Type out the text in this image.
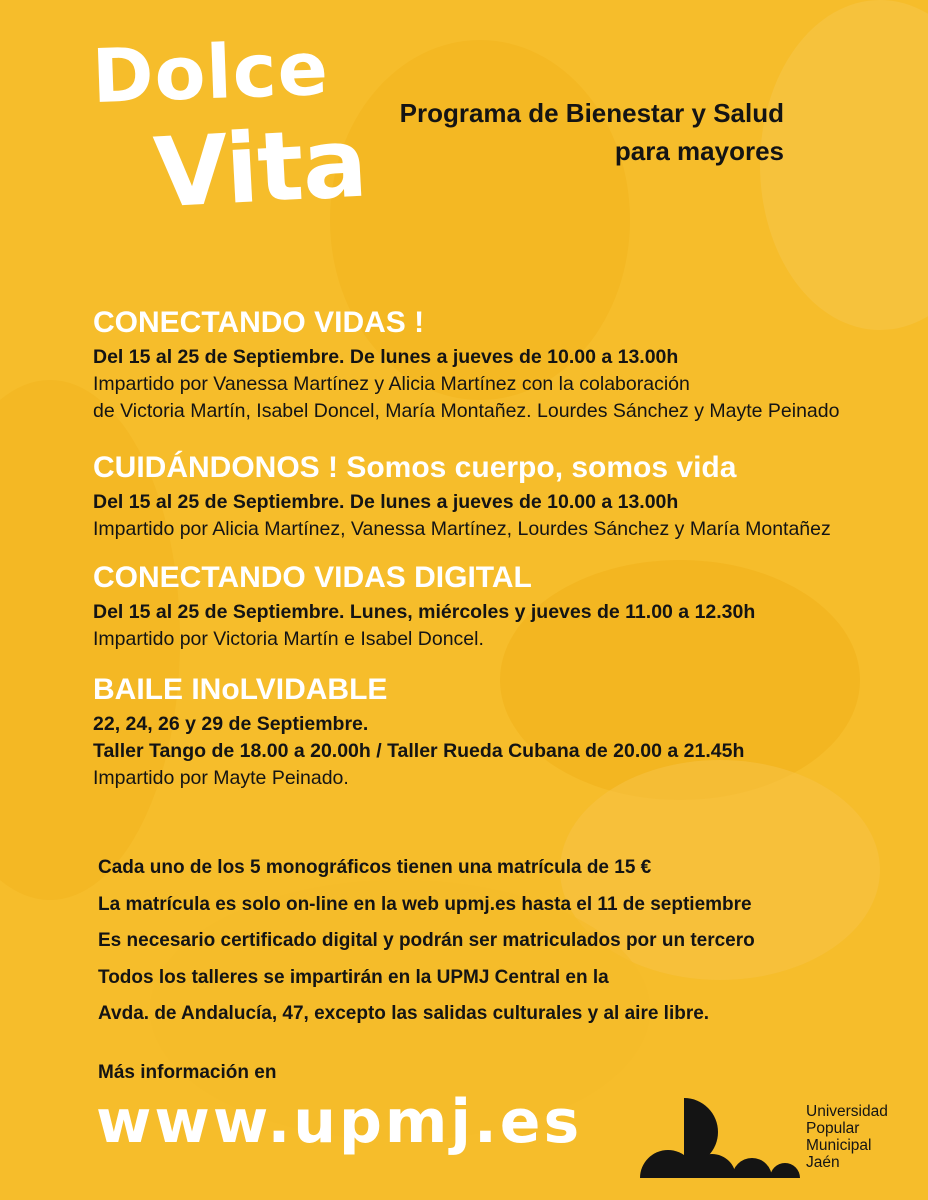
Dolce
Vita	Programa de Bienestar y Salud
para mayores
CONECTANDO VIDAS !
Del 15 al 25 de Septiembre. De lunes a jueves de 10.00 a 13.00h
Impartido por Vanessa Martínez y Alicia Martínez con la colaboración
de Victoria Martín, Isabel Doncel, María Montañez. Lourdes Sánchez y Mayte Peinado
CUIDÁNDONOS ! Somos cuerpo, somos vida
Del 15 al 25 de Septiembre. De lunes a jueves de 10.00 a 13.00h
Impartido por Alicia Martínez, Vanessa Martínez, Lourdes Sánchez y María Montañez
CONECTANDO VIDAS DIGITAL
Del 15 al 25 de Septiembre. Lunes, miércoles y jueves de 11.00 a 12.30h
Impartido por Victoria Martín e Isabel Doncel.
BAILE INoLVIDABLE
22, 24, 26 y 29 de Septiembre.
Taller Tango de 18.00 a 20.00h / Taller Rueda Cubana de 20.00 a 21.45h
Impartido por Mayte Peinado.
Cada uno de los 5 monográficos tienen una matrícula de 15 €
La matrícula es solo on-line en la web upmj.es hasta el 11 de septiembre
Es necesario certificado digital y podrán ser matriculados por un tercero
Todos los talleres se impartirán en la UPMJ Central en la
Avda. de Andalucía, 47, excepto las salidas culturales y al aire libre.
Más información en
www.upmj.es	Universidad
Popular
Municipal
Jaén
